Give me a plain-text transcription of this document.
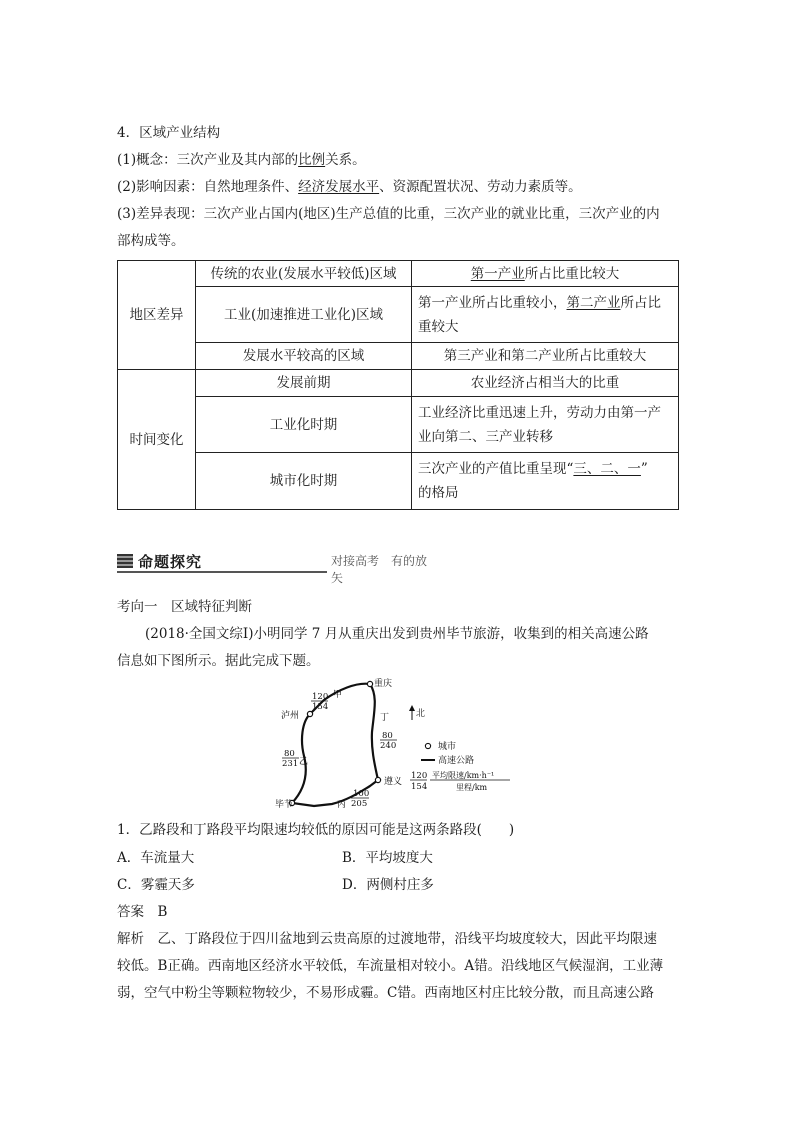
4．区域产业结构
(1)概念：三次产业及其内部的比例关系。
(2)影响因素：自然地理条件、经济发展水平、资源配置状况、劳动力素质等。
(3)差异表现：三次产业占国内(地区)生产总值的比重，三次产业的就业比重，三次产业的内
部构成等。
地区差异	传统的农业(发展水平较低)区域	第一产业所占比重比较大
	工业(加速推进工业化)区域	第一产业所占比重较小，第二产业所占比
重较大
	发展水平较高的区域	第三产业和第二产业所占比重较大
时间变化	发展前期	农业经济占相当大的比重
	工业化时期	工业经济比重迅速上升，劳动力由第一产
业向第二、三产业转移
	城市化时期	三次产业的产值比重呈现“三、二、一”
的格局
命题探究	对接高考　有的放矢
考向一　区域特征判断
(2018·全国文综Ⅰ)小明同学 7 月从重庆出发到贵州毕节旅游，收集到的相关高速公路
信息如下图所示。据此完成下题。
重庆
泸州
遵义
毕节
甲
乙
丙
丁
120
154
80
240
80
231
100
205
北
城市
高速公路
120
154
平均限速/km·h⁻¹
里程/km
1．乙路段和丁路段平均限速均较低的原因可能是这两条路段(　　)
A．车流量大	B．平均坡度大
C．雾霾天多	D．两侧村庄多
答案　B
解析　乙、丁路段位于四川盆地到云贵高原的过渡地带，沿线平均坡度较大，因此平均限速
较低。B正确。西南地区经济水平较低，车流量相对较小。A错。沿线地区气候湿润，工业薄
弱，空气中粉尘等颗粒物较少，不易形成霾。C错。西南地区村庄比较分散，而且高速公路
